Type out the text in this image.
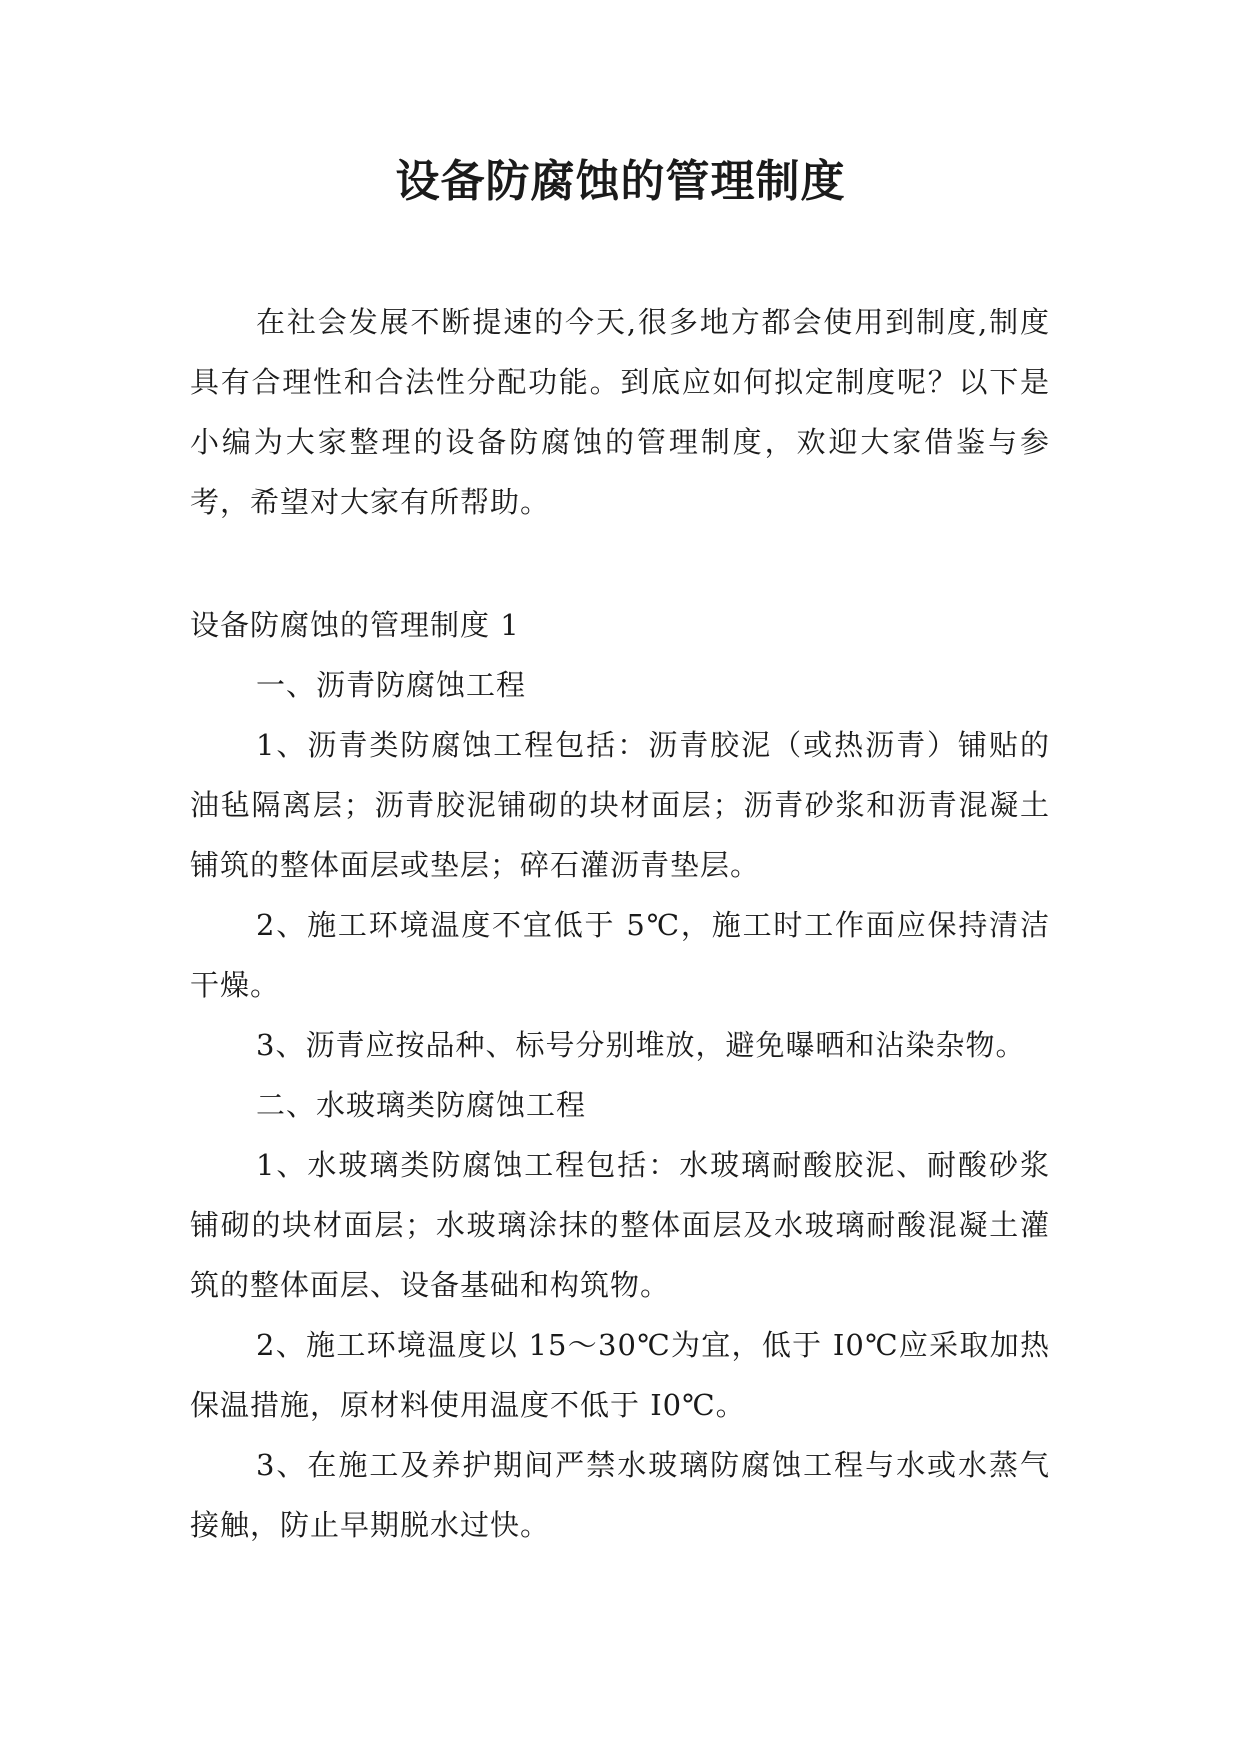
设备防腐蚀的管理制度

在社会发展不断提速的今天,很多地方都会使用到制度,制度具有合理性和合法性分配功能。到底应如何拟定制度呢？以下是小编为大家整理的设备防腐蚀的管理制度，欢迎大家借鉴与参考，希望对大家有所帮助。

设备防腐蚀的管理制度 1

一、沥青防腐蚀工程

1、沥青类防腐蚀工程包括：沥青胶泥（或热沥青）铺贴的油毡隔离层；沥青胶泥铺砌的块材面层；沥青砂浆和沥青混凝土铺筑的整体面层或垫层；碎石灌沥青垫层。

2、施工环境温度不宜低于 5℃，施工时工作面应保持清洁干燥。

3、沥青应按品种、标号分别堆放，避免曝晒和沾染杂物。

二、水玻璃类防腐蚀工程

1、水玻璃类防腐蚀工程包括：水玻璃耐酸胶泥、耐酸砂浆铺砌的块材面层；水玻璃涂抹的整体面层及水玻璃耐酸混凝土灌筑的整体面层、设备基础和构筑物。

2、施工环境温度以 15～30℃为宜，低于 I0℃应采取加热保温措施，原材料使用温度不低于 I0℃。

3、在施工及养护期间严禁水玻璃防腐蚀工程与水或水蒸气接触，防止早期脱水过快。
